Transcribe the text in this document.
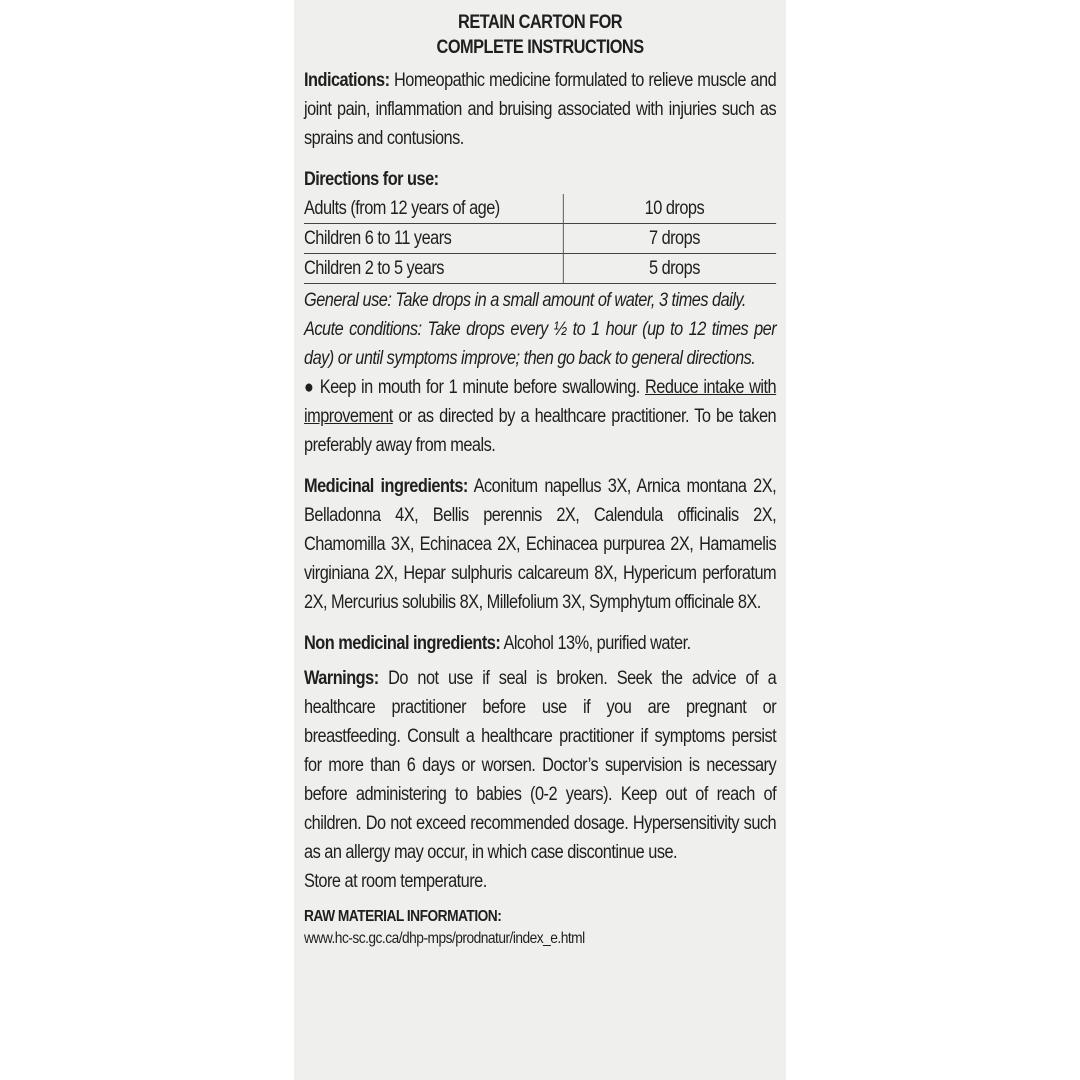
RETAIN CARTON FOR
COMPLETE INSTRUCTIONS
Indications: Homeopathic medicine formulated to relieve muscle and joint pain, inflammation and bruising associated with injuries such as sprains and contusions.
Directions for use:
Adults (from 12 years of age)	10 drops
Children 6 to 11 years	7 drops
Children 2 to 5 years	5 drops
General use: Take drops in a small amount of water, 3 times daily.
Acute conditions: Take drops every ½ to 1 hour (up to 12 times per day) or until symptoms improve; then go back to general directions.
● Keep in mouth for 1 minute before swallowing. Reduce intake with improvement or as directed by a healthcare practitioner. To be taken preferably away from meals.
Medicinal ingredients: Aconitum napellus 3X, Arnica montana 2X, Belladonna 4X, Bellis perennis 2X, Calendula officinalis 2X, Chamomilla 3X, Echinacea 2X, Echinacea purpurea 2X, Hamamelis virginiana 2X, Hepar sulphuris calcareum 8X, Hypericum perforatum 2X, Mercurius solubilis 8X, Millefolium 3X, Symphytum officinale 8X.
Non medicinal ingredients: Alcohol 13%, purified water.
Warnings: Do not use if seal is broken. Seek the advice of a healthcare practitioner before use if you are pregnant or breastfeeding. Consult a healthcare practitioner if symptoms persist for more than 6 days or worsen. Doctor’s supervision is necessary before administering to babies (0-2 years). Keep out of reach of children. Do not exceed recommended dosage. Hypersensitivity such as an allergy may occur, in which case discontinue use.
Store at room temperature.
RAW MATERIAL INFORMATION:
www.hc-sc.gc.ca/dhp-mps/prodnatur/index_e.html
